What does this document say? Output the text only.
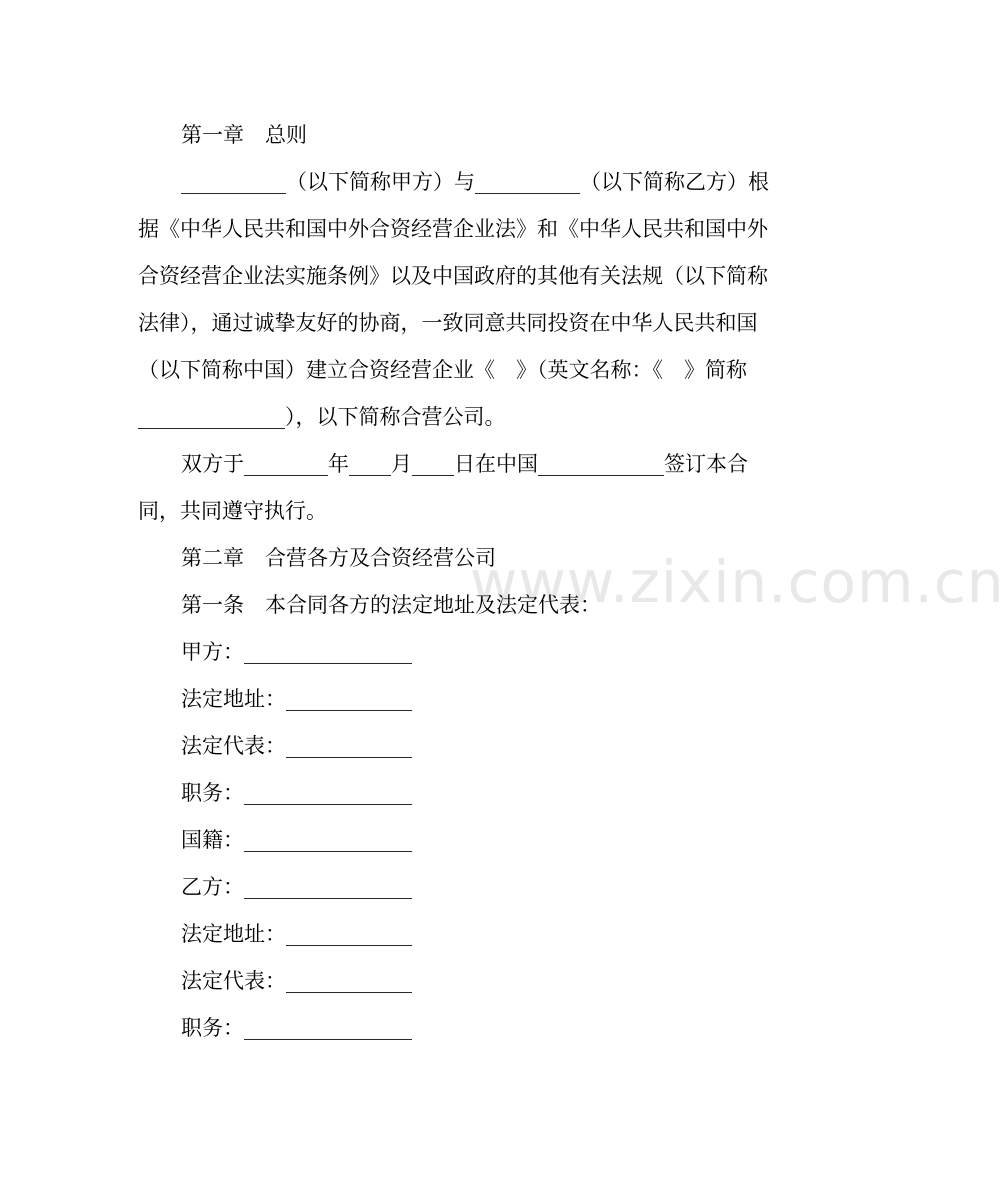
www.zixin.com.cn

第一章　总则

__________（以下简称甲方）与__________（以下简称乙方）根

据《中华人民共和国中外合资经营企业法》和《中华人民共和国中外

合资经营企业法实施条例》以及中国政府的其他有关法规（以下简称

法律），通过诚挚友好的协商，一致同意共同投资在中华人民共和国

（以下简称中国）建立合资经营企业《　》（英文名称：《　》简称

______________），以下简称合营公司。

双方于________年____月____日在中国____________签订本合

同，共同遵守执行。

第二章　合营各方及合资经营公司

第一条　本合同各方的法定地址及法定代表：

甲方：________________

法定地址：____________

法定代表：____________

职务：________________

国籍：________________

乙方：________________

法定地址：____________

法定代表：____________

职务：________________
